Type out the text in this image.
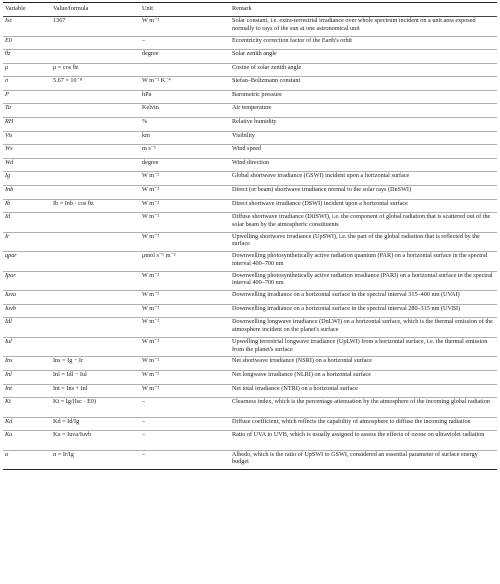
Variable	Value/formula	Unit	Remark
Isc	1367	W m⁻²	Solar constant, i.e. extra-terrestrial irradiance over whole spectrum incident on a unit area exposed normally to rays of the sun at one astronomical unit
E0		–	Eccentricity correction factor of the Earth's orbit
θz		degree	Solar zenith angle
μ	μ = cos θz		Cosine of solar zenith angle
σ	5.67 × 10⁻⁸	W m⁻² K⁻⁴	Stefan–Boltzmann constant
P		hPa	Barometric pressure
Ta		Kelvin	Air temperature
RH		%	Relative humidity
Vis		km	Visibility
Ws		m s⁻¹	Wind speed
Wd		degree	Wind direction
Ig		W m⁻²	Global shortwave irradiance (GSWI) incident upon a horizontal surface
Inb		W m⁻²	Direct (or beam) shortwave irradiance normal to the solar rays (DnSWI)
Ib	Ib = Inb · cos θz	W m⁻²	Direct shortwave irradiance (DSWI) incident upon a horizontal surface
Id		W m⁻²	Diffuse shortwave irradiance (DifSWI), i.e. the component of global radiation that is scattered out of the solar beam by the atmospheric constituents
Ir		W m⁻²	Upwelling shortwave irradiance (UpSWI), i.e. the part of the global radiation that is reflected by the surface
qpar		μmol s⁻¹ m⁻²	Downwelling photosynthetically active radiation quantum (PAR) on a horizontal surface in the spectral interval 400–700 nm
Ipar		W m⁻²	Downwelling photosynthetically active radiation irradiance (PARI) on a horizontal surface in the spectral interval 400–700 nm
Iuva		W m⁻²	Downwelling irradiance on a horizontal surface in the spectral interval 315–400 nm (UVAI)
Iuvb		W m⁻²	Downwelling irradiance on a horizontal surface in the spectral interval 280–315 nm (UVBI)
Idl		W m⁻²	Downwelling longwave irradiance (DnLWI) on a horizontal surface, which is the thermal emission of the atmosphere incident on the planet's surface
Iul		W m⁻²	Upwelling terrestrial longwave irradiance (UpLWI) from a horizontal surface, i.e. the thermal emission from the planet's surface
Ins	Ins = Ig − Ir	W m⁻²	Net shortwave irradiance (NSRI) on a horizontal surface
Inl	Inl = Idl − Iul	W m⁻²	Net longwave irradiance (NLRI) on a horizontal surface
Int	Int = Ins + Inl	W m⁻²	Net total irradiance (NTRI) on a horizontal surface
Kt	Kt = Ig/(Isc · E0)	–	Clearness index, which is the percentage attenuation by the atmosphere of the incoming global radiation
Kd	Kd = Id/Ig	–	Diffuse coefficient, which reflects the capability of atmosphere to diffuse the incoming radiation
Ku	Ku = Iuva/Iuvb	–	Ratio of UVA to UVB, which is usually assigned to assess the effects of ozone on ultraviolet radiation
α	α = Ir/Ig	–	Albedo, which is the ratio of UpSWI to GSWI, considered an essential parameter of surface energy budget
